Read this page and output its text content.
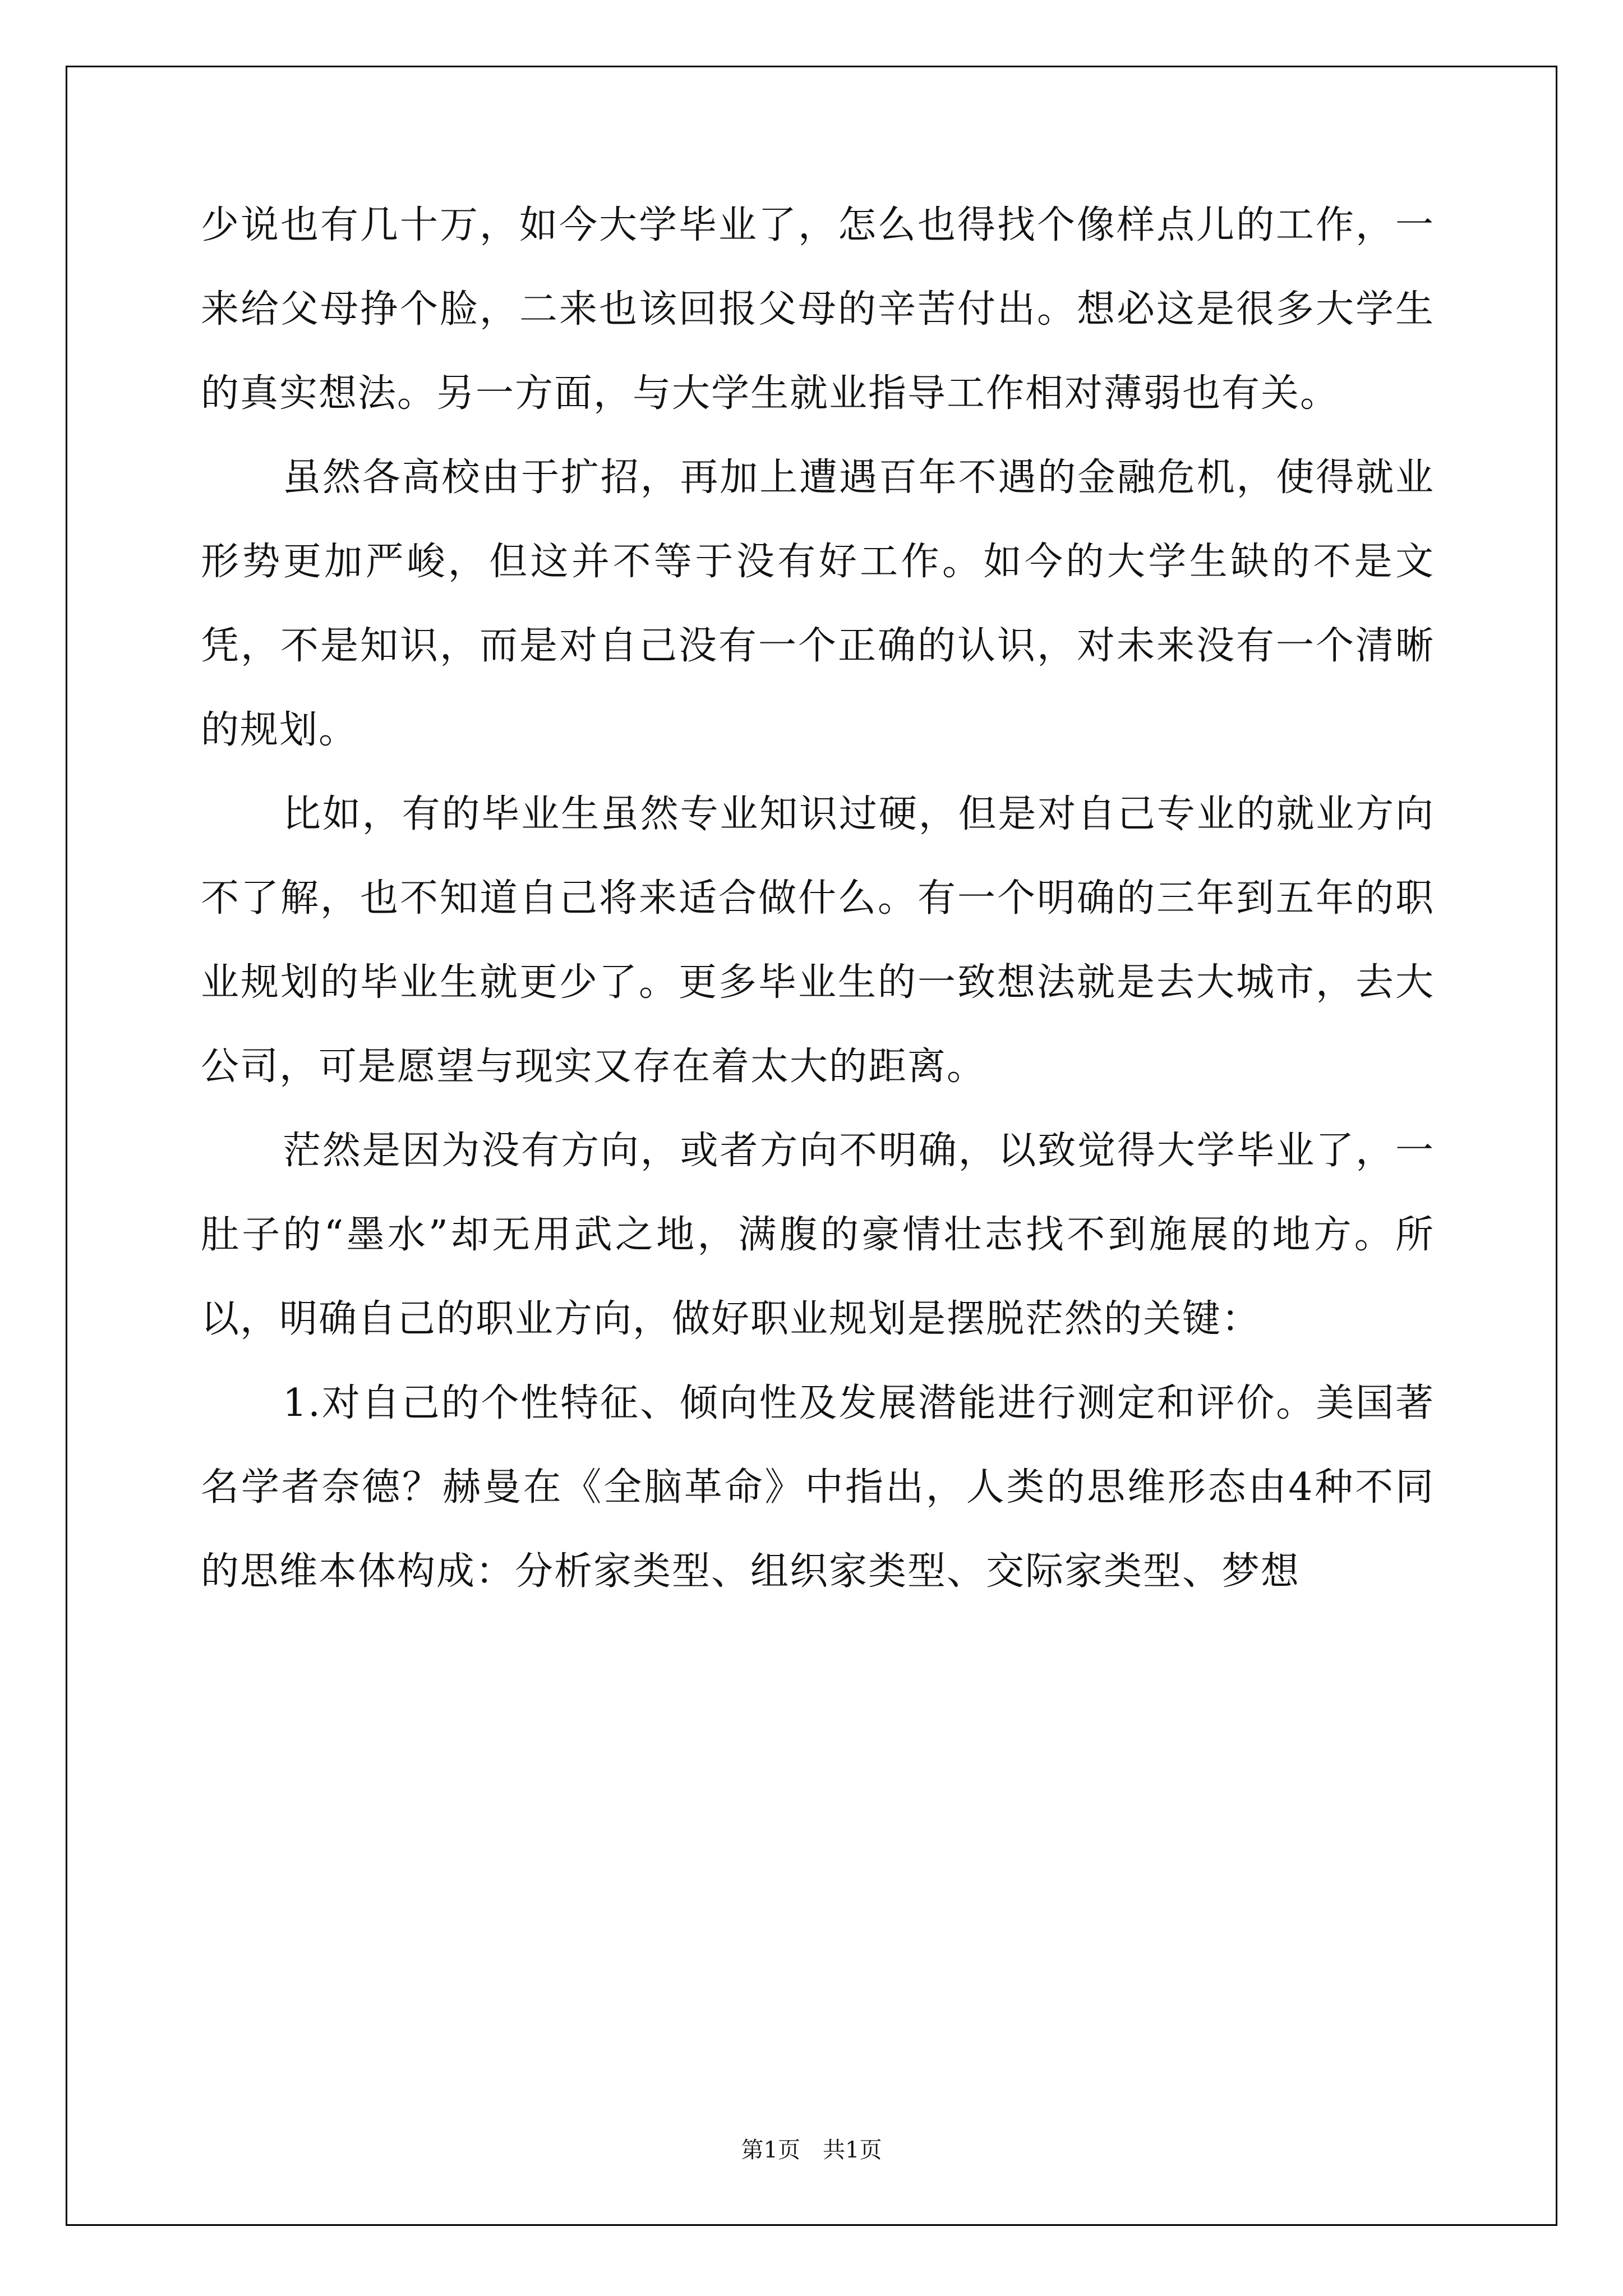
少说也有几十万，如今大学毕业了，怎么也得找个像样点儿的工作，一来给父母挣个脸，二来也该回报父母的辛苦付出。想必这是很多大学生的真实想法。另一方面，与大学生就业指导工作相对薄弱也有关。

虽然各高校由于扩招，再加上遭遇百年不遇的金融危机，使得就业形势更加严峻，但这并不等于没有好工作。如今的大学生缺的不是文凭，不是知识，而是对自己没有一个正确的认识，对未来没有一个清晰的规划。

比如，有的毕业生虽然专业知识过硬，但是对自己专业的就业方向不了解，也不知道自己将来适合做什么。有一个明确的三年到五年的职业规划的毕业生就更少了。更多毕业生的一致想法就是去大城市，去大公司，可是愿望与现实又存在着太大的距离。

茫然是因为没有方向，或者方向不明确，以致觉得大学毕业了，一肚子的“墨水”却无用武之地，满腹的豪情壮志找不到施展的地方。所以，明确自己的职业方向，做好职业规划是摆脱茫然的关键：

1.对自己的个性特征、倾向性及发展潜能进行测定和评价。美国著名学者奈德？赫曼在《全脑革命》中指出，人类的思维形态由4种不同的思维本体构成：分析家类型、组织家类型、交际家类型、梦想

第1页　共1页
